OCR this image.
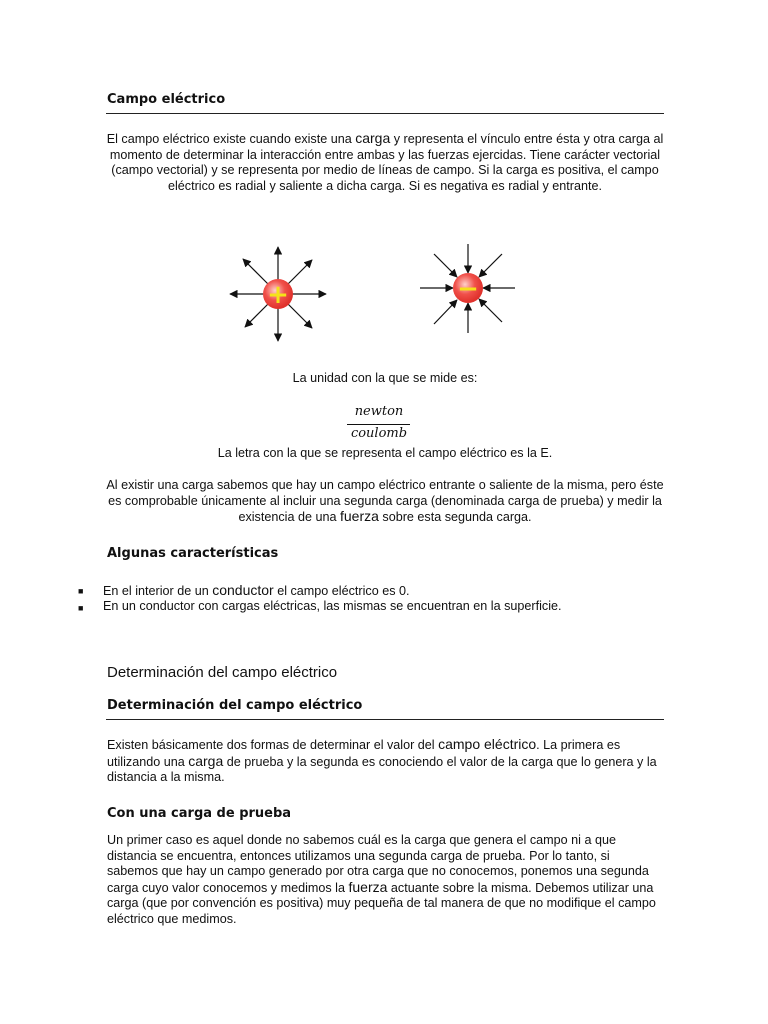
Campo eléctrico
El campo eléctrico existe cuando existe una carga y representa el vínculo entre ésta y otra carga al momento de determinar la interacción entre ambas y las fuerzas ejercidas. Tiene carácter vectorial (campo vectorial) y se representa por medio de líneas de campo. Si la carga es positiva, el campo eléctrico es radial y saliente a dicha carga. Si es negativa es radial y entrante.
+	−
La unidad con la que se mide es:
newton
coulomb
La letra con la que se representa el campo eléctrico es la E.
Al existir una carga sabemos que hay un campo eléctrico entrante o saliente de la misma, pero éste es comprobable únicamente al incluir una segunda carga (denominada carga de prueba) y medir la existencia de una fuerza sobre esta segunda carga.
Algunas características
■ En el interior de un conductor el campo eléctrico es 0.
■ En un conductor con cargas eléctricas, las mismas se encuentran en la superficie.
Determinación del campo eléctrico
Determinación del campo eléctrico
Existen básicamente dos formas de determinar el valor del campo eléctrico. La primera es utilizando una carga de prueba y la segunda es conociendo el valor de la carga que lo genera y la distancia a la misma.
Con una carga de prueba
Un primer caso es aquel donde no sabemos cuál es la carga que genera el campo ni a que distancia se encuentra, entonces utilizamos una segunda carga de prueba. Por lo tanto, si sabemos que hay un campo generado por otra carga que no conocemos, ponemos una segunda carga cuyo valor conocemos y medimos la fuerza actuante sobre la misma. Debemos utilizar una carga (que por convención es positiva) muy pequeña de tal manera de que no modifique el campo eléctrico que medimos.
